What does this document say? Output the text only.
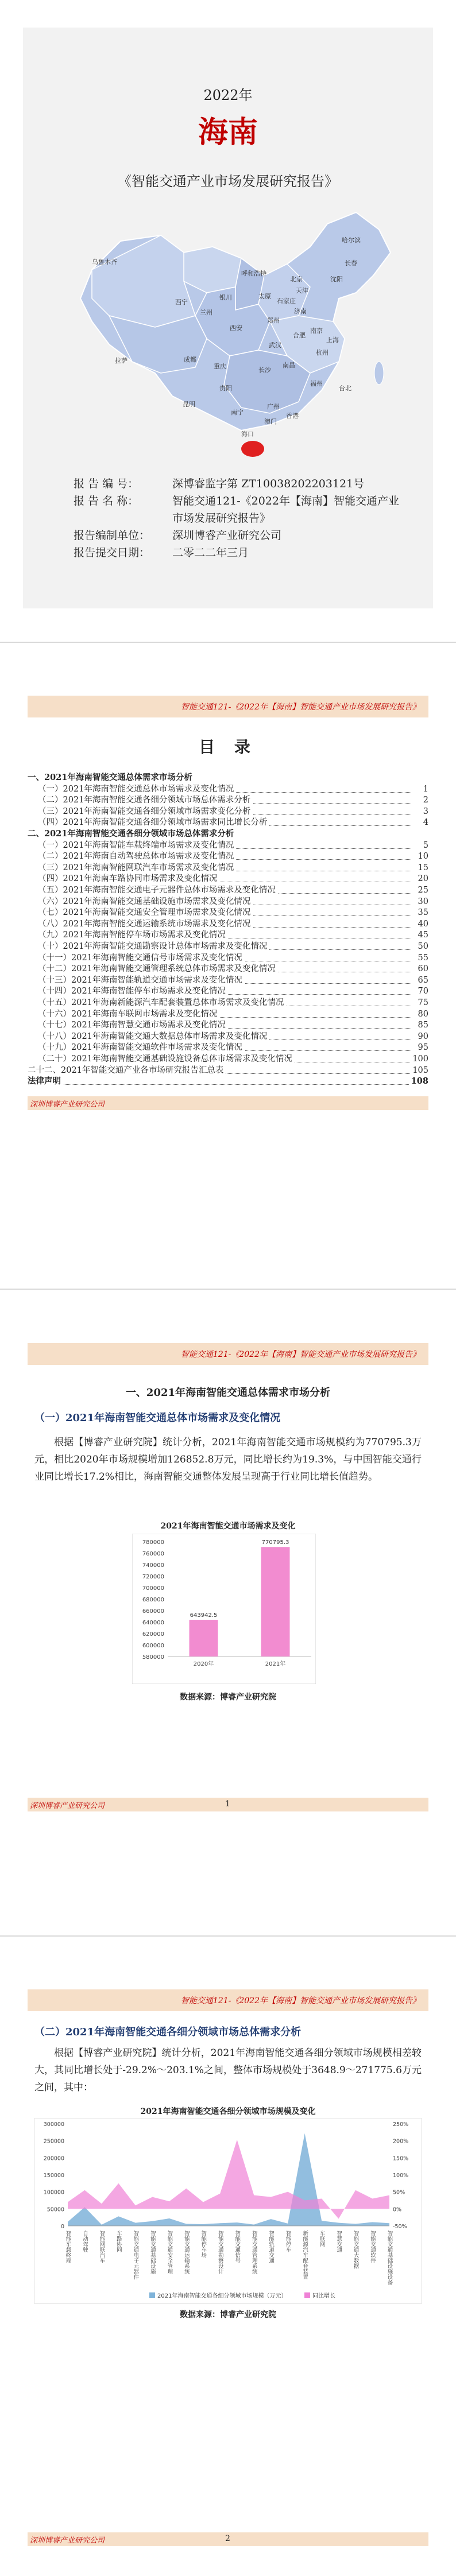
2022年
海南
《智能交通产业市场发展研究报告》
乌鲁木齐
哈尔滨
长春
沈阳
呼和浩特
北京
天津
银川	太原
石家庄
西宁
兰州
郑州
济南
拉萨	成都
西安
合肥
南京
上海
武汉
杭州
重庆	长沙
南昌
福州
贵阳	台北
昆明
南宁
广州
香港
澳门
海口
报 告 编 号：	深博睿监字第 ZT100382022031​21号
报 告 名 称：	智能交通121-《2022年【海南】智能交通产业市场发展研究报告》
报告编制单位： 深圳博睿产业研究公司
报告提交日期： 二零二二年三月
智能交通121-《2022年【海南】智能交通产业市场发展研究报告》
目 录
一、2021年海南智能交通总体需求市场分析
（一）2021年海南智能交通总体市场需求及变化情况	1
（二）2021年海南智能交通各细分领域市场总体需求分析	2
（三）2021年海南智能交通各细分领域市场需求变化分析	3
（四）2021年海南智能交通各细分领域市场需求同比增长分析	4
二、2021年海南智能交通各细分领域市场总体需求分析
（一）2021年海南智能车载终端市场需求及变化情况	5
（二）2021年海南自动驾驶总体市场需求及变化情况	10
（三）2021年海南智能网联汽车市场需求及变化情况	15
（四）2021年海南车路协同市场需求及变化情况	20
（五）2021年海南智能交通电子元器件总体市场需求及变化情况	25
（六）2021年海南智能交通基础设施市场需求及变化情况	30
（七）2021年海南智能交通安全管理市场需求及变化情况	35
（八）2021年海南智能交通运输系统市场需求及变化情况	40
（九）2021年海南智能停车场市场需求及变化情况	45
（十）2021年海南智能交通勘察设计总体市场需求及变化情况	50
（十一）2021年海南智能交通信号市场需求及变化情况	55
（十二）2021年海南智能交通管理系统总体市场需求及变化情况	60
（十三）2021年海南智能轨道交通市场需求及变化情况	65
（十四）2021年海南智能停车市场需求及变化情况	70
（十五）2021年海南新能源汽车配套装置总体市场需求及变化情况	75
（十六）2021年海南车联网市场需求及变化情况	80
（十七）2021年海南智慧交通市场需求及变化情况	85
（十八）2021年海南智能交通大数据总体市场需求及变化情况	90
（十九）2021年海南智能交通软件市场需求及变化情况	95
（二十）2021年海南智能交通基础设施设备总体市场需求及变化情况	100
二十二、2021年智能交通产业各市场研究报告汇总表	105
法律声明	108
深圳博睿产业研究公司
智能交通121-《2022年【海南】智能交通产业市场发展研究报告》
一、2021年海南智能交通总体需求市场分析
（一）2021年海南智能交通总体市场需求及变化情况
根据【博睿产业研究院】统计分析，2021年海南智能交通市场规模约为770795.3万元，相比2020年市场规模增加126852.8万元，同比增长约为19.3%，与中国智能交通行业同比增长17.2%相比，海南智能交通整体发展呈现高于行业同比增长值趋势。
2021年海南智能交通市场需求及变化
780000
760000
740000
720000
700000
680000
660000
640000
620000
600000
580000
643942.5
2020年
770795.3
2021年
数据来源：博睿产业研究院
深圳博睿产业研究公司	1
智能交通121-《2022年【海南】智能交通产业市场发展研究报告》
（二）2021年海南智能交通各细分领域市场总体需求分析
根据【博睿产业研究院】统计分析，2021年海南智能交通各细分领域市场规模相差较大，其同比增长处于-29.2%～203.1%之间，整体市场规模处于3648.9～271775.6万元之间，其中：
2021年海南智能交通各细分领域市场规模及变化
300000
250000
200000
150000
100000
50000
0
250%
200%
150%
100%
50%
0%
-50%
智能车载终端 自动驾驶 智能网联汽车 车路协同 智能交通电子元器件 智能交通基础设施 智能交通安全管理 智能交通运输系统 智能停车场 智能交通勘察设计 智能交通信号 智能交通管理系统 智能轨道交通 智能停车 新能源汽车配套装置 车联网 智慧交通 智能交通大数据 智能交通软件 智能交通基础设施设备
2021年海南智能交通各细分领域市场规模（万元）	同比增长
数据来源：博睿产业研究院
深圳博睿产业研究公司	2
